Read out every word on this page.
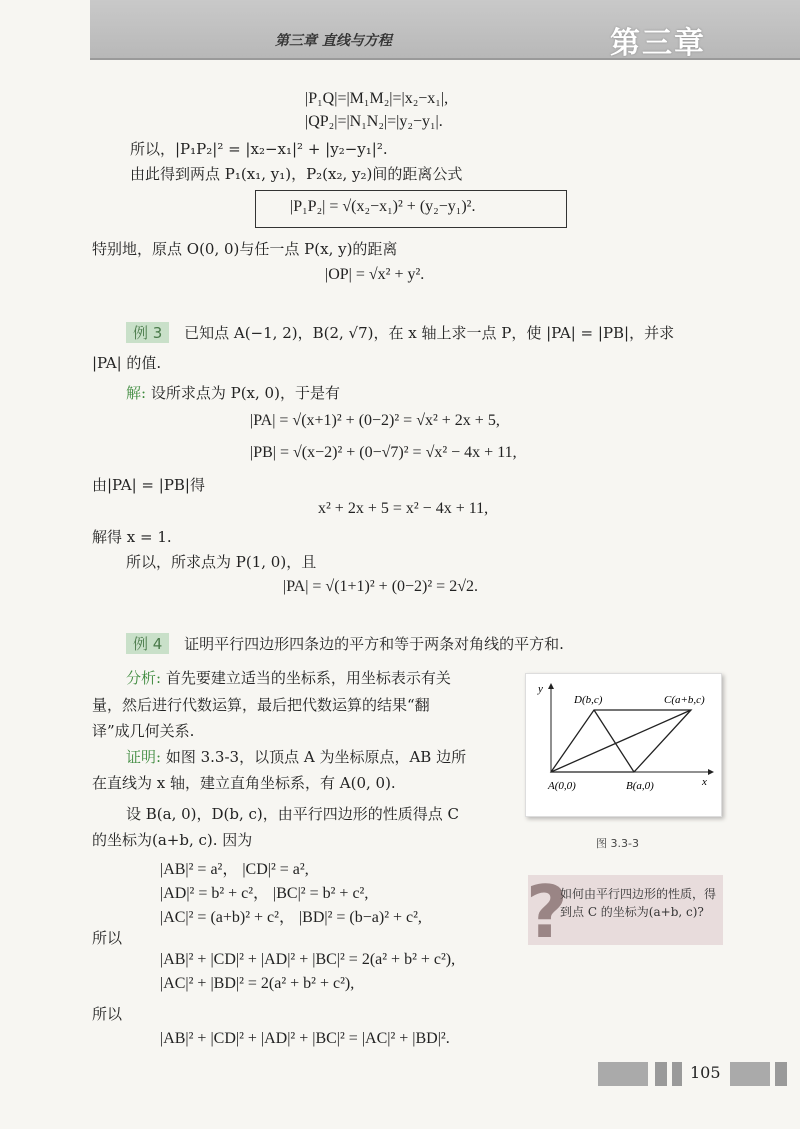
第三章 直线与方程	第三章
|P₁Q|=|M₁M₂|=|x₂−x₁|,
|QP₂|=|N₁N₂|=|y₂−y₁|.
所以，|P₁P₂|² = |x₂−x₁|² + |y₂−y₁|².
由此得到两点 P₁(x₁, y₁)，P₂(x₂, y₂)间的距离公式
|P₁P₂| = √(x₂−x₁)² + (y₂−y₁)².
特别地，原点 O(0, 0)与任一点 P(x, y)的距离
|OP| = √x² + y².
例 3 已知点 A(−1, 2)，B(2, √7)，在 x 轴上求一点 P，使 |PA| = |PB|，并求
|PA| 的值.
解: 设所求点为 P(x, 0)，于是有
|PA| = √(x+1)² + (0−2)² = √x² + 2x + 5,
|PB| = √(x−2)² + (0−√7)² = √x² − 4x + 11,
由|PA| = |PB|得
x² + 2x + 5 = x² − 4x + 11,
解得 x = 1.
所以，所求点为 P(1, 0)，且
|PA| = √(1+1)² + (0−2)² = 2√2.
例 4 证明平行四边形四条边的平方和等于两条对角线的平方和.
分析: 首先要建立适当的坐标系，用坐标表示有关
量，然后进行代数运算，最后把代数运算的结果“翻
译”成几何关系.
证明: 如图 3.3-3，以顶点 A 为坐标原点，AB 边所
在直线为 x 轴，建立直角坐标系，有 A(0, 0).
设 B(a, 0)，D(b, c)，由平行四边形的性质得点 C
的坐标为(a+b, c). 因为
|AB|² = a²， |CD|² = a²,
|AD|² = b² + c²， |BC|² = b² + c²,
|AC|² = (a+b)² + c²， |BD|² = (b−a)² + c²,
所以
|AB|² + |CD|² + |AD|² + |BC|² = 2(a² + b² + c²),
|AC|² + |BD|² = 2(a² + b² + c²),
所以
|AB|² + |CD|² + |AD|² + |BC|² = |AC|² + |BD|².
y
x
D(b,c)	C(a+b,c)
A(0,0)	B(a,0)
图 3.3-3
?
如何由平行四边形的性质，得到点 C 的坐标为(a+b, c)?
105
